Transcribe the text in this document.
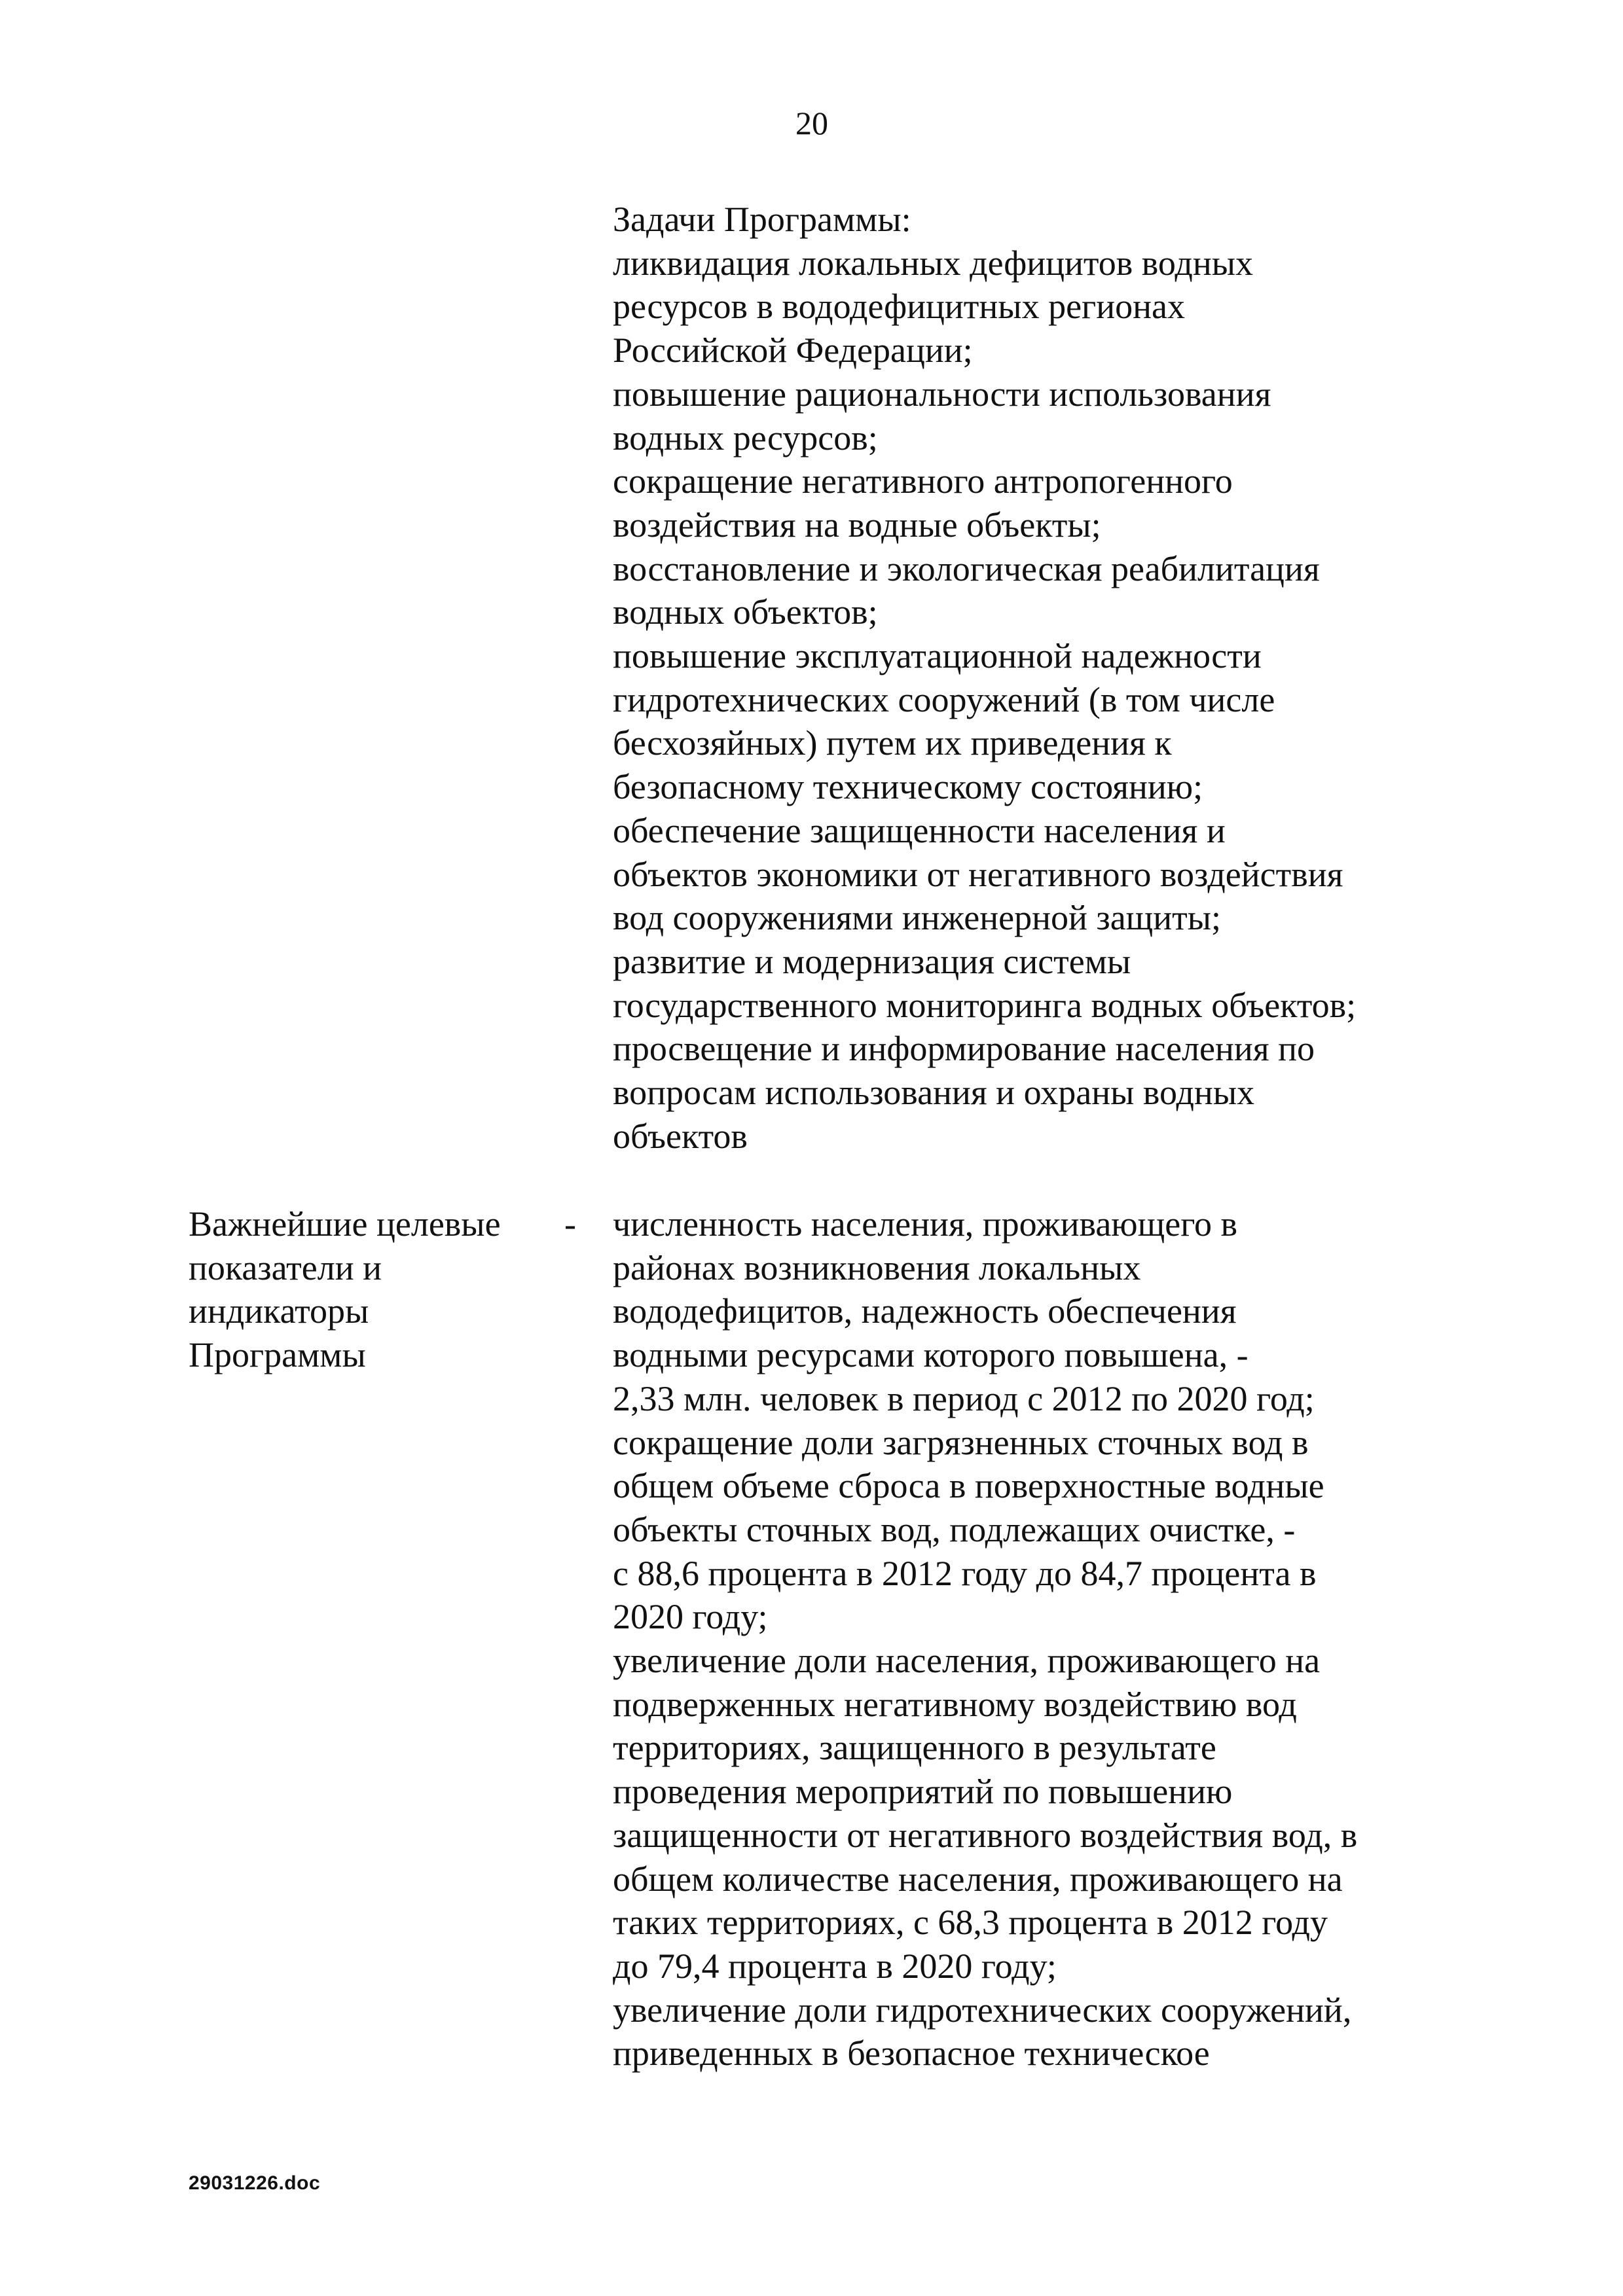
20
Задачи Программы:
ликвидация локальных дефицитов водных
ресурсов в вододефицитных регионах
Российской Федерации;
повышение рациональности использования
водных ресурсов;
сокращение негативного антропогенного
воздействия на водные объекты;
восстановление и экологическая реабилитация
водных объектов;
повышение эксплуатационной надежности
гидротехнических сооружений (в том числе
бесхозяйных) путем их приведения к
безопасному техническому состоянию;
обеспечение защищенности населения и
объектов экономики от негативного воздействия
вод сооружениями инженерной защиты;
развитие и модернизация системы
государственного мониторинга водных объектов;
просвещение и информирование населения по
вопросам использования и охраны водных
объектов
Важнейшие целевые
показатели и
индикаторы
Программы
- численность населения, проживающего в
районах возникновения локальных
вододефицитов, надежность обеспечения
водными ресурсами которого повышена, -
2,33 млн. человек в период с 2012 по 2020 год;
сокращение доли загрязненных сточных вод в
общем объеме сброса в поверхностные водные
объекты сточных вод, подлежащих очистке, -
с 88,6 процента в 2012 году до 84,7 процента в
2020 году;
увеличение доли населения, проживающего на
подверженных негативному воздействию вод
территориях, защищенного в результате
проведения мероприятий по повышению
защищенности от негативного воздействия вод, в
общем количестве населения, проживающего на
таких территориях, с 68,3 процента в 2012 году
до 79,4 процента в 2020 году;
увеличение доли гидротехнических сооружений,
приведенных в безопасное техническое
29031226.doc
